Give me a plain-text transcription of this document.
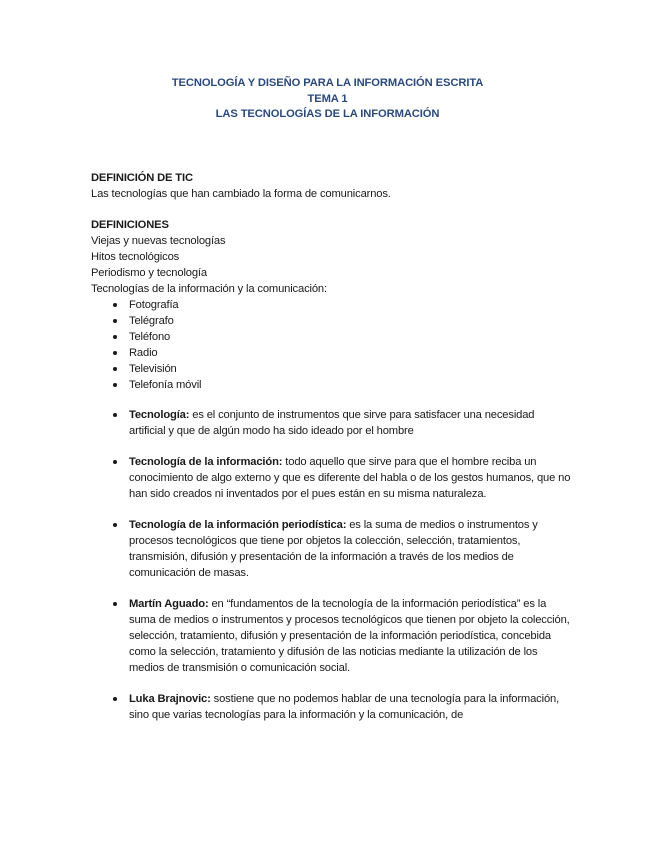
TECNOLOGÍA Y DISEÑO PARA LA INFORMACIÓN ESCRITA
TEMA 1
LAS TECNOLOGÍAS DE LA INFORMACIÓN
DEFINICIÓN DE TIC
Las tecnologías que han cambiado la forma de comunicarnos.
DEFINICIONES
Viejas y nuevas tecnologías
Hitos tecnológicos
Periodismo y tecnología
Tecnologías de la información y la comunicación:
Fotografía
Telégrafo
Teléfono
Radio
Televisión
Telefonía móvil
Tecnología: es el conjunto de instrumentos que sirve para satisfacer una necesidad artificial y que de algún modo ha sido ideado por el hombre
Tecnología de la información: todo aquello que sirve para que el hombre reciba un conocimiento de algo externo y que es diferente del habla o de los gestos humanos, que no han sido creados ni inventados por el pues están en su misma naturaleza.
Tecnología de la información periodística: es la suma de medios o instrumentos y procesos tecnológicos que tiene por objetos la colección, selección, tratamientos, transmisión, difusión y presentación de la información a través de los medios de comunicación de masas.
Martín Aguado: en “fundamentos de la tecnología de la información periodística” es la suma de medios o instrumentos y procesos tecnológicos que tienen por objeto la colección, selección, tratamiento, difusión y presentación de la información periodística, concebida como la selección, tratamiento y difusión de las noticias mediante la utilización de los medios de transmisión o comunicación social.
Luka Brajnovic: sostiene que no podemos hablar de una tecnología para la información, sino que varias tecnologías para la información y la comunicación, de
